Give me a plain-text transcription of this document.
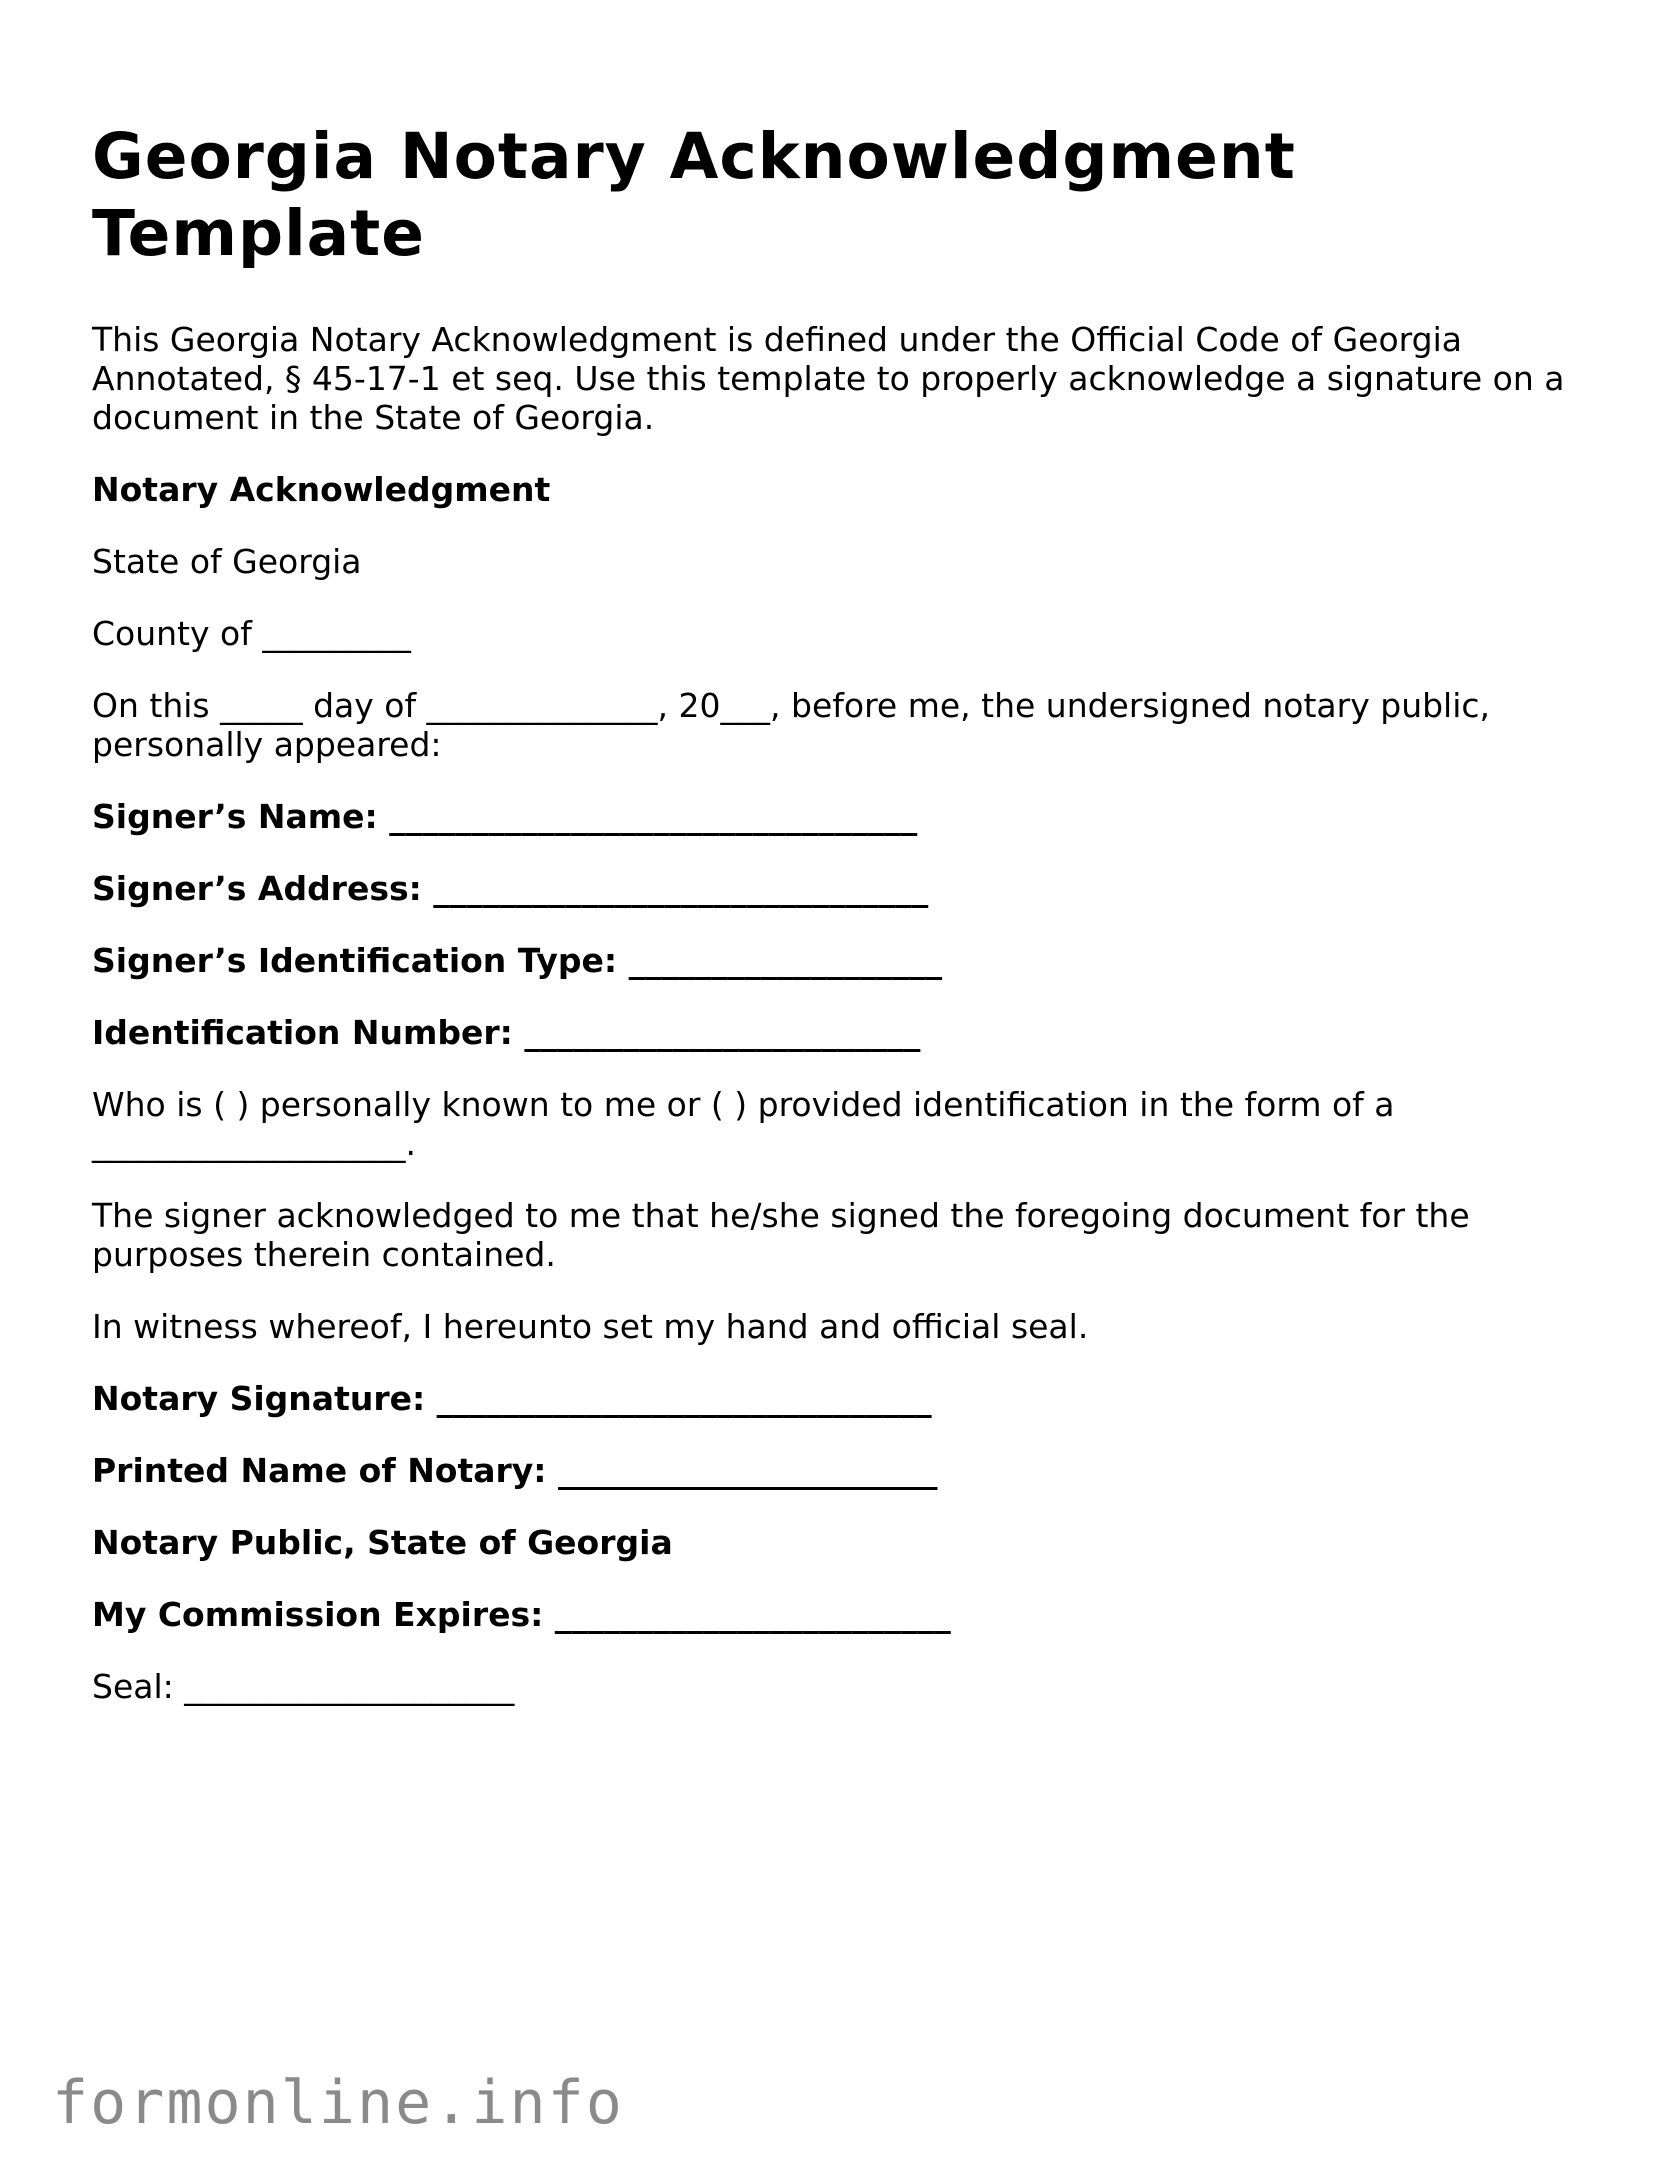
Georgia Notary Acknowledgment Template

This Georgia Notary Acknowledgment is defined under the Official Code of Georgia Annotated, § 45-17-1 et seq. Use this template to properly acknowledge a signature on a document in the State of Georgia.

Notary Acknowledgment

State of Georgia

County of _________

On this _____ day of ______________, 20___, before me, the undersigned notary public, personally appeared:

Signer’s Name: ________________________________

Signer’s Address: ______________________________

Signer’s Identification Type: ___________________

Identification Number: ________________________

Who is ( ) personally known to me or ( ) provided identification in the form of a ___________________.

The signer acknowledged to me that he/she signed the foregoing document for the purposes therein contained.

In witness whereof, I hereunto set my hand and official seal.

Notary Signature: ______________________________

Printed Name of Notary: _______________________

Notary Public, State of Georgia

My Commission Expires: ________________________

Seal: ____________________

formonline.info
